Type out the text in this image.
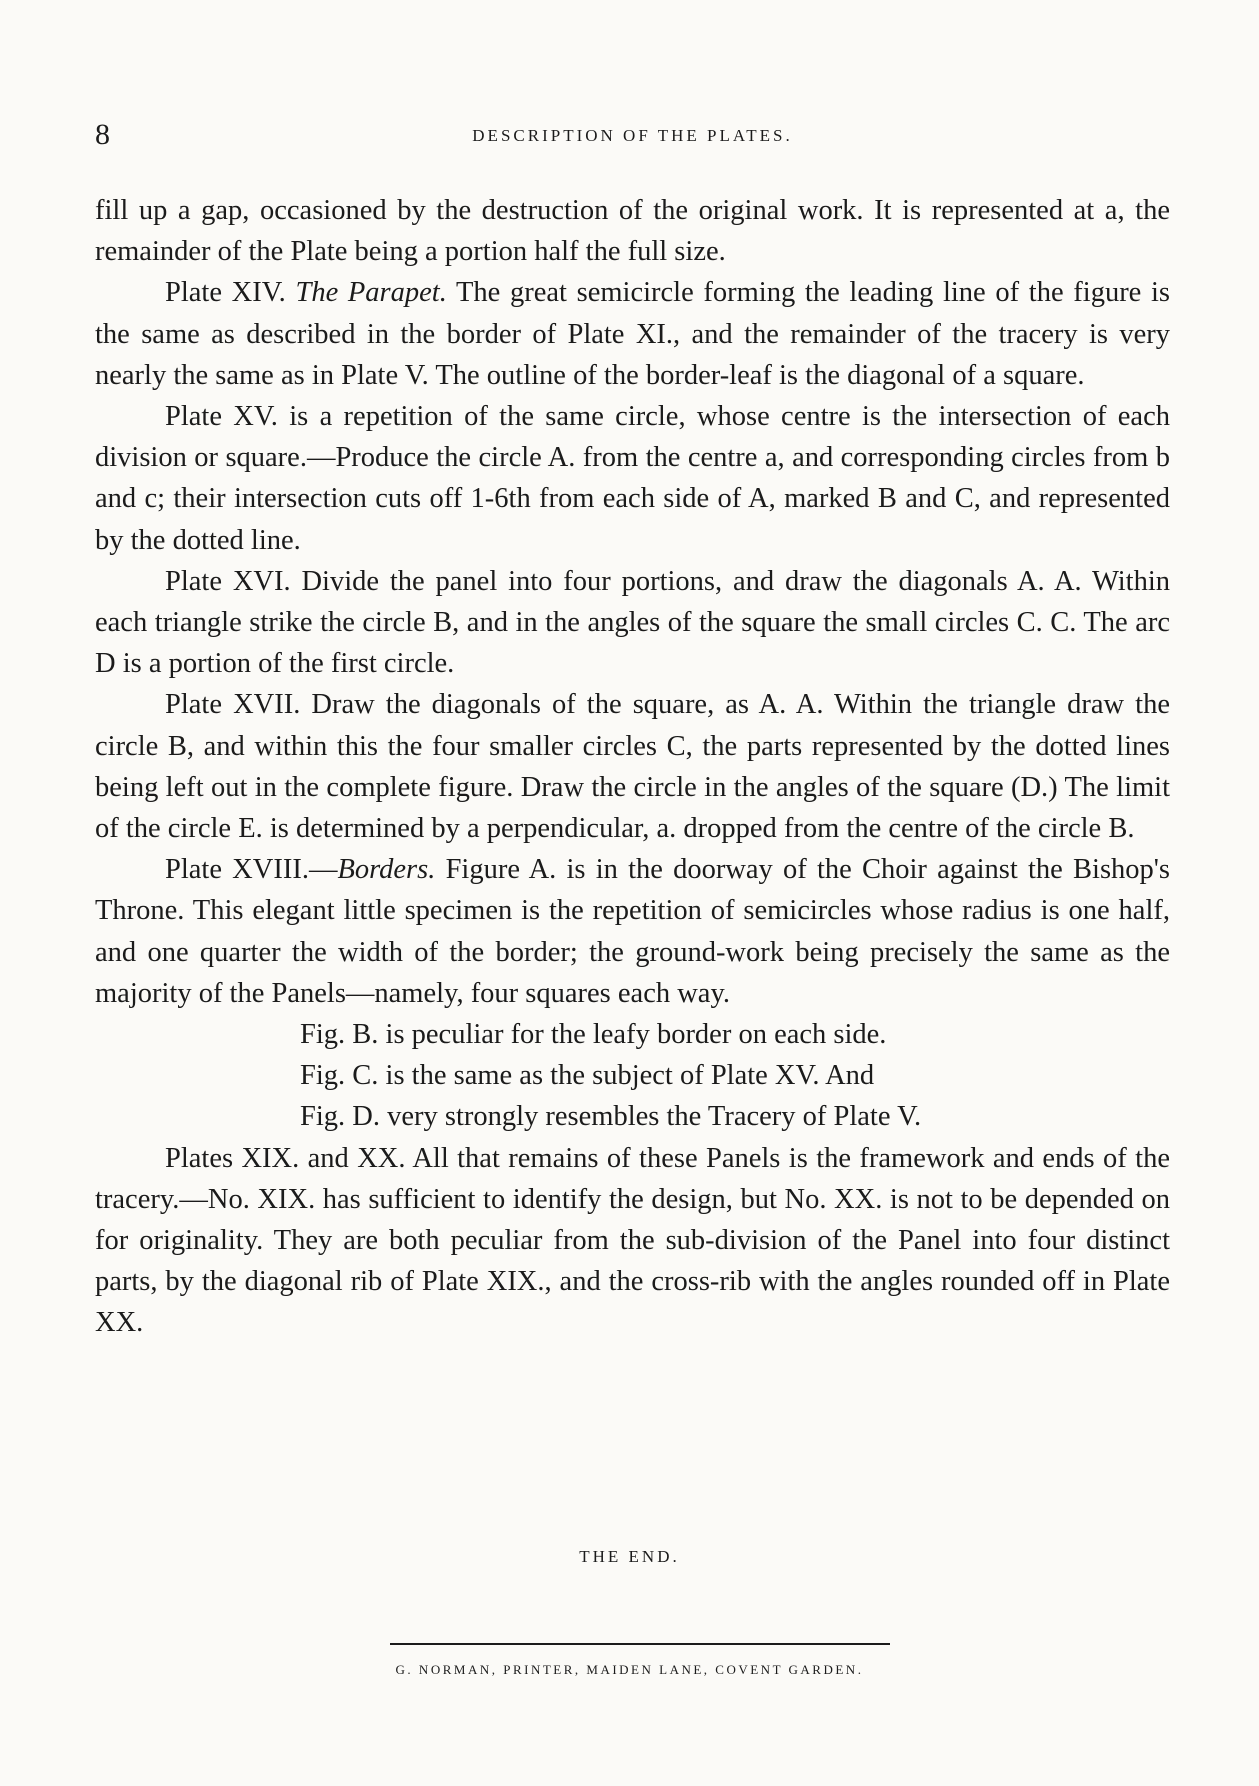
8	DESCRIPTION OF THE PLATES.

fill up a gap, occasioned by the destruction of the original work. It is represented at a, the remainder of the Plate being a portion half the full size.

Plate XIV. The Parapet. The great semicircle forming the leading line of the figure is the same as described in the border of Plate XI., and the remainder of the tracery is very nearly the same as in Plate V. The outline of the border-leaf is the diagonal of a square.

Plate XV. is a repetition of the same circle, whose centre is the intersection of each division or square.—Produce the circle A. from the centre a, and corresponding circles from b and c; their intersection cuts off 1-6th from each side of A, marked B and C, and represented by the dotted line.

Plate XVI. Divide the panel into four portions, and draw the diagonals A. A. Within each triangle strike the circle B, and in the angles of the square the small circles C. C. The arc D is a portion of the first circle.

Plate XVII. Draw the diagonals of the square, as A. A. Within the triangle draw the circle B, and within this the four smaller circles C, the parts represented by the dotted lines being left out in the complete figure. Draw the circle in the angles of the square (D.) The limit of the circle E. is determined by a perpendicular, a. dropped from the centre of the circle B.

Plate XVIII.—Borders. Figure A. is in the doorway of the Choir against the Bishop's Throne. This elegant little specimen is the repetition of semicircles whose radius is one half, and one quarter the width of the border; the ground-work being precisely the same as the majority of the Panels—namely, four squares each way.

Fig. B. is peculiar for the leafy border on each side.

Fig. C. is the same as the subject of Plate XV. And

Fig. D. very strongly resembles the Tracery of Plate V.

Plates XIX. and XX. All that remains of these Panels is the framework and ends of the tracery.—No. XIX. has sufficient to identify the design, but No. XX. is not to be depended on for originality. They are both peculiar from the sub-division of the Panel into four distinct parts, by the diagonal rib of Plate XIX., and the cross-rib with the angles rounded off in Plate XX.

THE END.
G. NORMAN, PRINTER, MAIDEN LANE, COVENT GARDEN.
